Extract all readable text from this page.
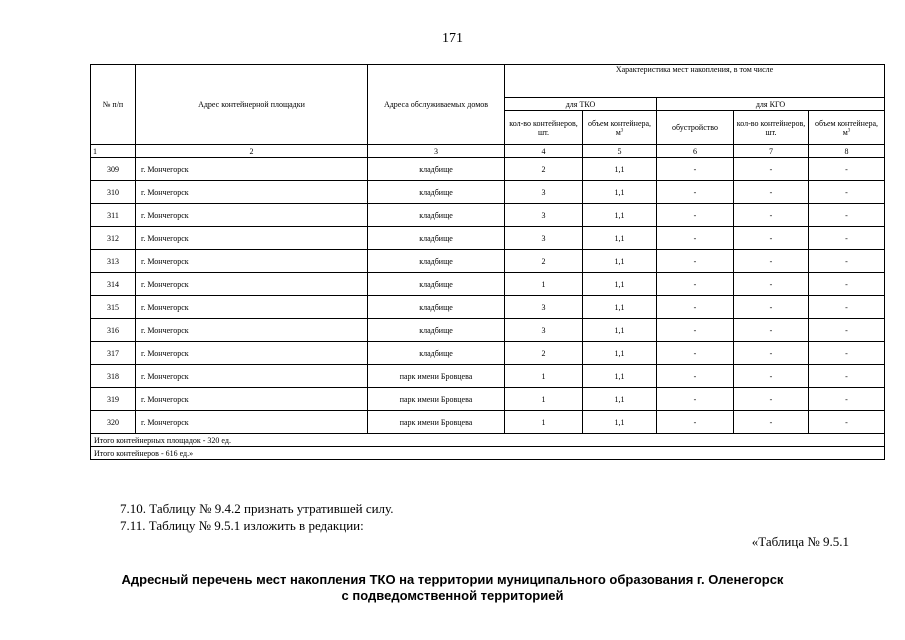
171
№ п/п	Адрес контейнерной площадки	Адреса обслуживаемых домов	Характеристика мест накопления, в том числе				
			для ТКО		для КГО		
			кол-во контейнеров, шт.	объем контейнера, $м^3$	обустройство	кол-во контейнеров, шт.	объем контейнера, $м^3$
1	2	3	4	5	6	7	8
309	г. Мончегорск	кладбище	2	1,1	-	-	-
310	г. Мончегорск	кладбище	3	1,1	-	-	-
311	г. Мончегорск	кладбище	3	1,1	-	-	-
312	г. Мончегорск	кладбище	3	1,1	-	-	-
313	г. Мончегорск	кладбище	2	1,1	-	-	-
314	г. Мончегорск	кладбище	1	1,1	-	-	-
315	г. Мончегорск	кладбище	3	1,1	-	-	-
316	г. Мончегорск	кладбище	3	1,1	-	-	-
317	г. Мончегорск	кладбище	2	1,1	-	-	-
318	г. Мончегорск	парк имени Бровцева	1	1,1	-	-	-
319	г. Мончегорск	парк имени Бровцева	1	1,1	-	-	-
320	г. Мончегорск	парк имени Бровцева	1	1,1	-	-	-
Итого контейнерных площадок - 320 ед.							
Итого контейнеров - 616 ед.»							
7.10. Таблицу № 9.4.2 признать утратившей силу.
7.11. Таблицу № 9.5.1 изложить в редакции:
«Таблица № 9.5.1
Адресный перечень мест накопления ТКО на территории муниципального образования г. Оленегорск
с подведомственной территорией
